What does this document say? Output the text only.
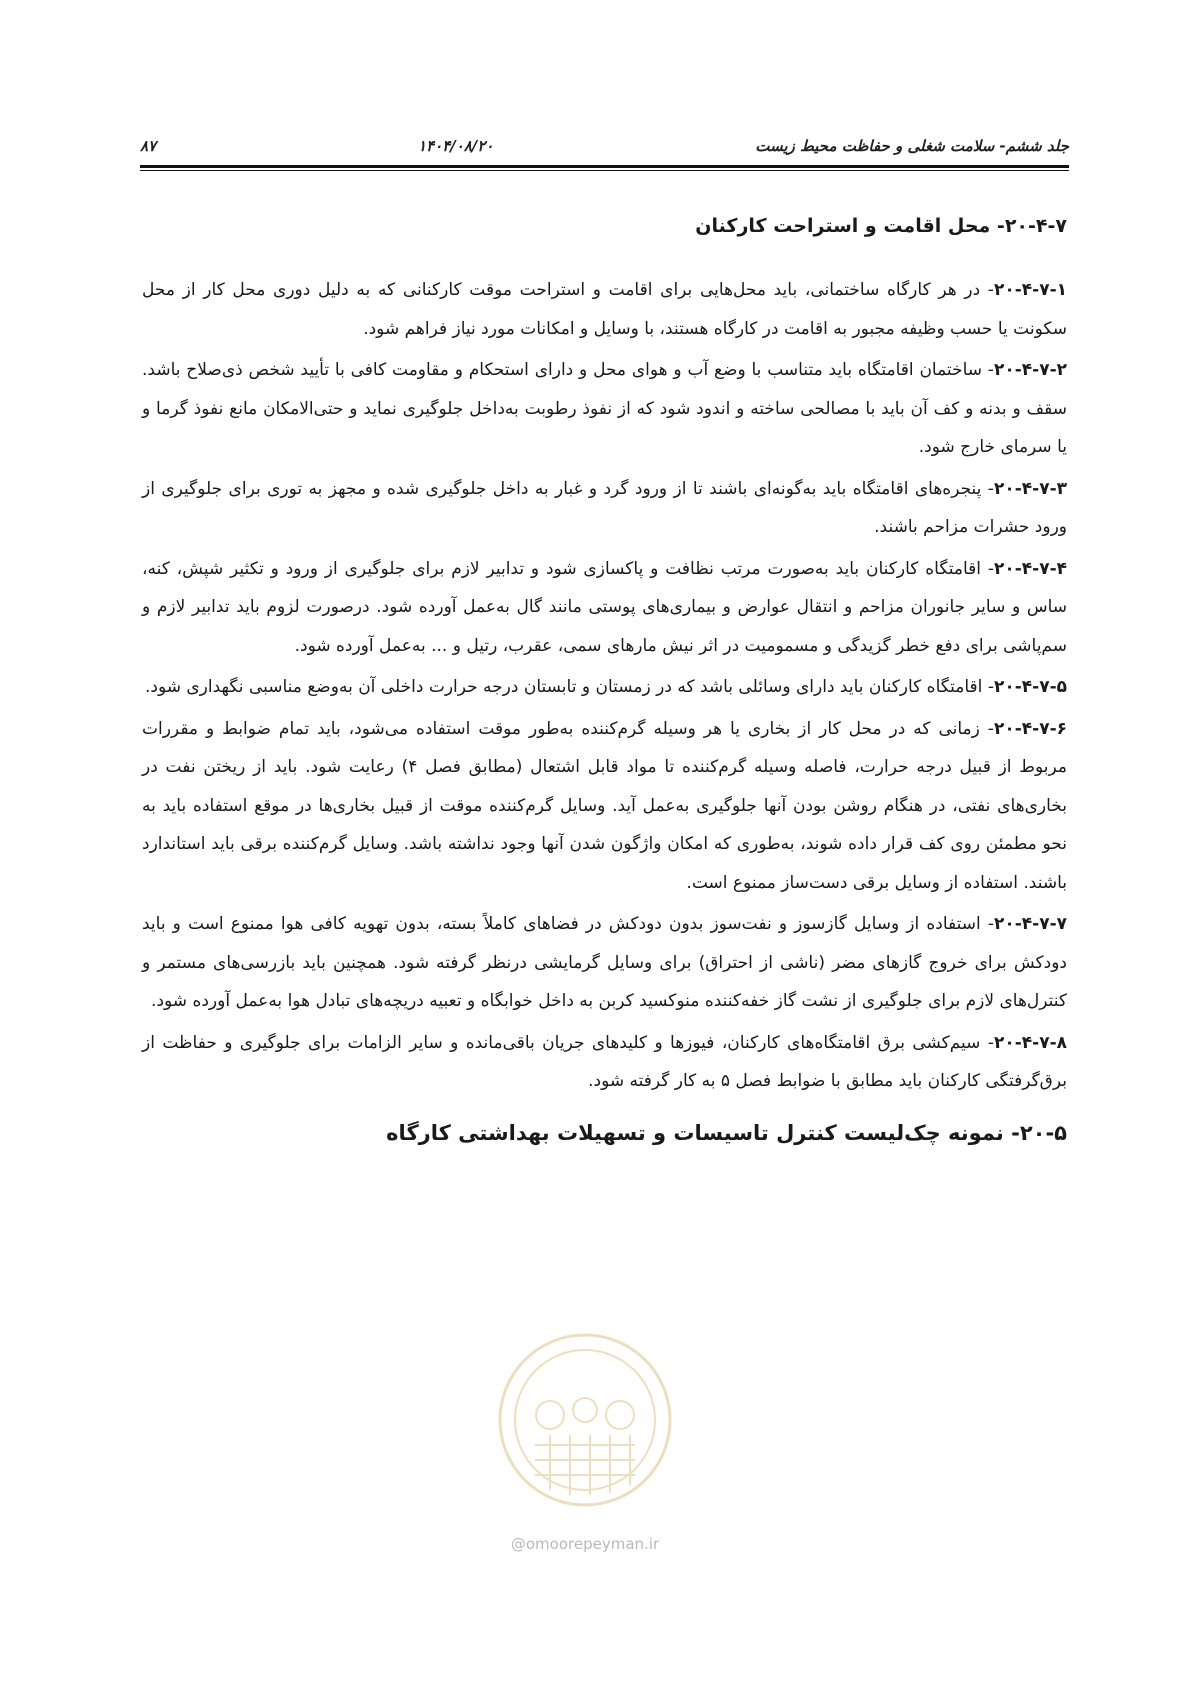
جلد ششم- سلامت شغلی و حفاظت محیط زیست
۱۴۰۴/۰۸/۲۰
۸۷
۲۰-۴-۷- محل اقامت و استراحت کارکنان
۲۰-۴-۷-۱- در هر کارگاه ساختمانی، باید محل‌هایی برای اقامت و استراحت موقت کارکنانی که به دلیل دوری محل کار از محل سکونت یا حسب وظیفه مجبور به اقامت در کارگاه هستند، با وسایل و امکانات مورد نیاز فراهم شود.
۲۰-۴-۷-۲- ساختمان اقامتگاه باید متناسب با وضع آب و هوای محل و دارای استحکام و مقاومت کافی با تأیید شخص ذی‌صلاح باشد. سقف و بدنه و کف آن باید با مصالحی ساخته و اندود شود که از نفوذ رطوبت به‌داخل جلوگیری نماید و حتی‌الامکان مانع نفوذ گرما و یا سرمای خارج شود.
۲۰-۴-۷-۳- پنجره‌های اقامتگاه باید به‌گونه‌ای باشند تا از ورود گرد و غبار به داخل جلوگیری شده و مجهز به توری برای جلوگیری از ورود حشرات مزاحم باشند.
۲۰-۴-۷-۴- اقامتگاه کارکنان باید به‌صورت مرتب نظافت و پاکسازی شود و تدابیر لازم برای جلوگیری از ورود و تکثیر شپش، کنه، ساس و سایر جانوران مزاحم و انتقال عوارض و بیماری‌های پوستی مانند گال به‌عمل آورده شود. درصورت لزوم باید تدابیر لازم و سم‌پاشی برای دفع خطر گزیدگی و مسمومیت در اثر نیش مارهای سمی، عقرب، رتیل و ... به‌عمل آورده شود.
۲۰-۴-۷-۵- اقامتگاه کارکنان باید دارای وسائلی باشد که در زمستان و تابستان درجه حرارت داخلی آن به‌وضع مناسبی نگهداری شود.
۲۰-۴-۷-۶- زمانی که در محل کار از بخاری یا هر وسیله گرم‌کننده به‌طور موقت استفاده می‌شود، باید تمام ضوابط و مقررات مربوط از قبیل درجه حرارت، فاصله وسیله گرم‌کننده تا مواد قابل اشتعال (مطابق فصل ۴) رعایت شود. باید از ریختن نفت در بخاری‌های نفتی، در هنگام روشن بودن آنها جلوگیری به‌عمل آید. وسایل گرم‌کننده موقت از قبیل بخاری‌ها در موقع استفاده باید به نحو مطمئن روی کف قرار داده شوند، به‌طوری که امکان واژگون شدن آنها وجود نداشته باشد. وسایل گرم‌کننده برقی باید استاندارد باشند. استفاده از وسایل برقی دست‌ساز ممنوع است.
۲۰-۴-۷-۷- استفاده از وسایل گازسوز و نفت‌سوز بدون دودکش در فضاهای کاملاً بسته، بدون تهویه کافی هوا ممنوع است و باید دودکش برای خروج گازهای مضر (ناشی از احتراق) برای وسایل گرمایشی درنظر گرفته شود. همچنین باید بازرسی‌های مستمر و کنترل‌های لازم برای جلوگیری از نشت گاز خفه‌کننده منوکسید کربن به داخل خوابگاه و تعبیه دریچه‌های تبادل هوا به‌عمل آورده شود.
۲۰-۴-۷-۸- سیم‌کشی برق اقامتگاه‌های کارکنان، فیوزها و کلیدهای جریان باقی‌مانده و سایر الزامات برای جلوگیری و حفاظت از برق‌گرفتگی کارکنان باید مطابق با ضوابط فصل ۵ به کار گرفته شود.
۲۰-۵- نمونه چک‌لیست کنترل تاسیسات و تسهیلات بهداشتی کارگاه
@omoorepeyman.ir
